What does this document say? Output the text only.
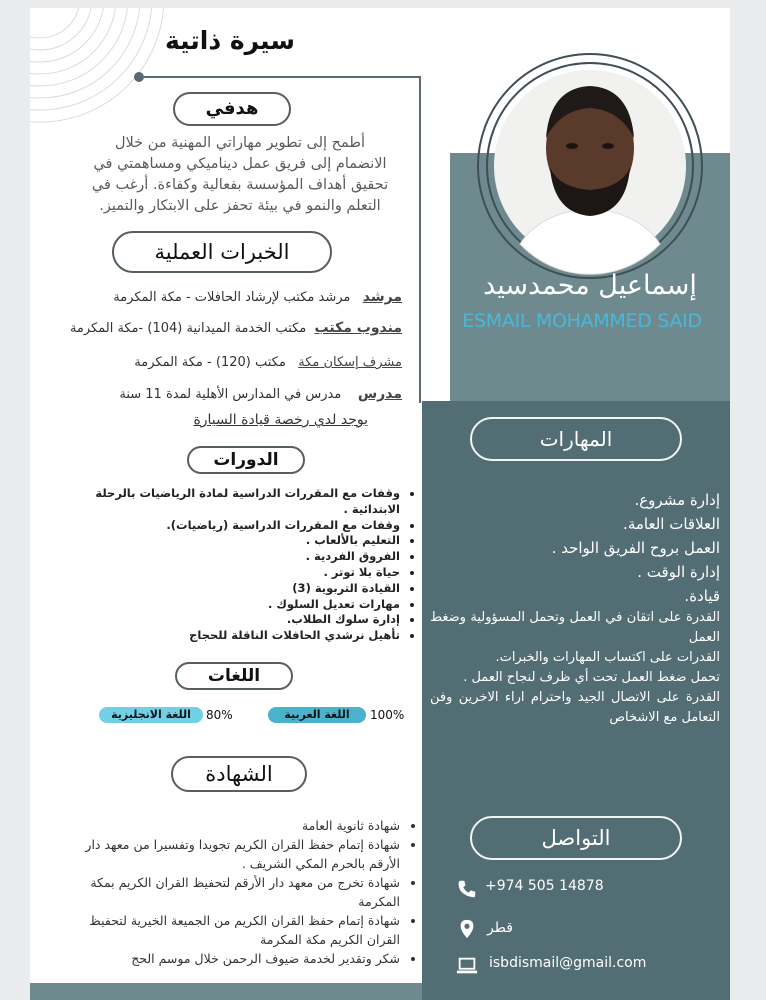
سيرة ذاتية
إسماعيل محمدسيد
ESMAIL MOHAMMED SAID
هدفي
أطمح إلى تطوير مهاراتي المهنية من خلال الانضمام إلى فريق عمل ديناميكي ومساهمتي في تحقيق أهداف المؤسسة بفعالية وكفاءة. أرغب في التعلم والنمو في بيئة تحفز على الابتكار والتميز.
الخبرات العملية
مرشد   مرشد مكتب لإرشاد الحافلات - مكة المكرمة
مندوب مكتب  مكتب الخدمة الميدانية (104) -مكة المكرمة
مشرف إسكان مكة   مكتب (120) - مكة المكرمة
مدرس    مدرس في المدارس الأهلية لمدة 11 سنة
يوجد لدي رخصة قيادة السيارة
الدورات
• وقفات مع المقررات الدراسية لمادة الرياضيات بالرحلة الابتدائية .
• وقفات مع المقررات الدراسية (رياضيات).
• التعليم بالألعاب .
• الفروق الفردية .
• حياة بلا توتر .
• القيادة التربوية (3)
• مهارات تعديل السلوك .
• إدارة سلوك الطلاب.
• تأهيل نرشدي الحافلات الناقلة للحجاج
اللغات
100%
اللغة العربية
80%
اللغة الانجليزية
الشهادة
• شهادة ثانوية العامة
• شهادة إتمام حفظ القران الكريم تجويدا وتفسيرا من معهد دار الأرقم بالحرم المكي الشريف .
• شهادة تخرج من معهد دار الأرقم لتحفيظ القران الكريم بمكة المكرمة
• شهادة إتمام حفظ القران الكريم من الجميعة الخيرية لتحفيظ القران الكريم مكة المكرمة
• شكر وتقدير لخدمة ضيوف الرحمن خلال موسم الحج
المهارات
• إدارة مشروع.
• العلاقات العامة.
• العمل بروح الفريق الواحد .
• إدارة الوقت .
• قيادة.
• القدرة على اتقان في العمل وتحمل المسؤولية وضغط العمل
• القدرات على اكتساب المهارات والخبرات.
• تحمل ضغط العمل تحت أي ظرف لنجاح العمل .
• القدرة على الاتصال الجيد واحترام اراء الاخرين وفن التعامل مع الاشخاص
التواصل
+974 505 14878
قطر
isbdismail@gmail.com
